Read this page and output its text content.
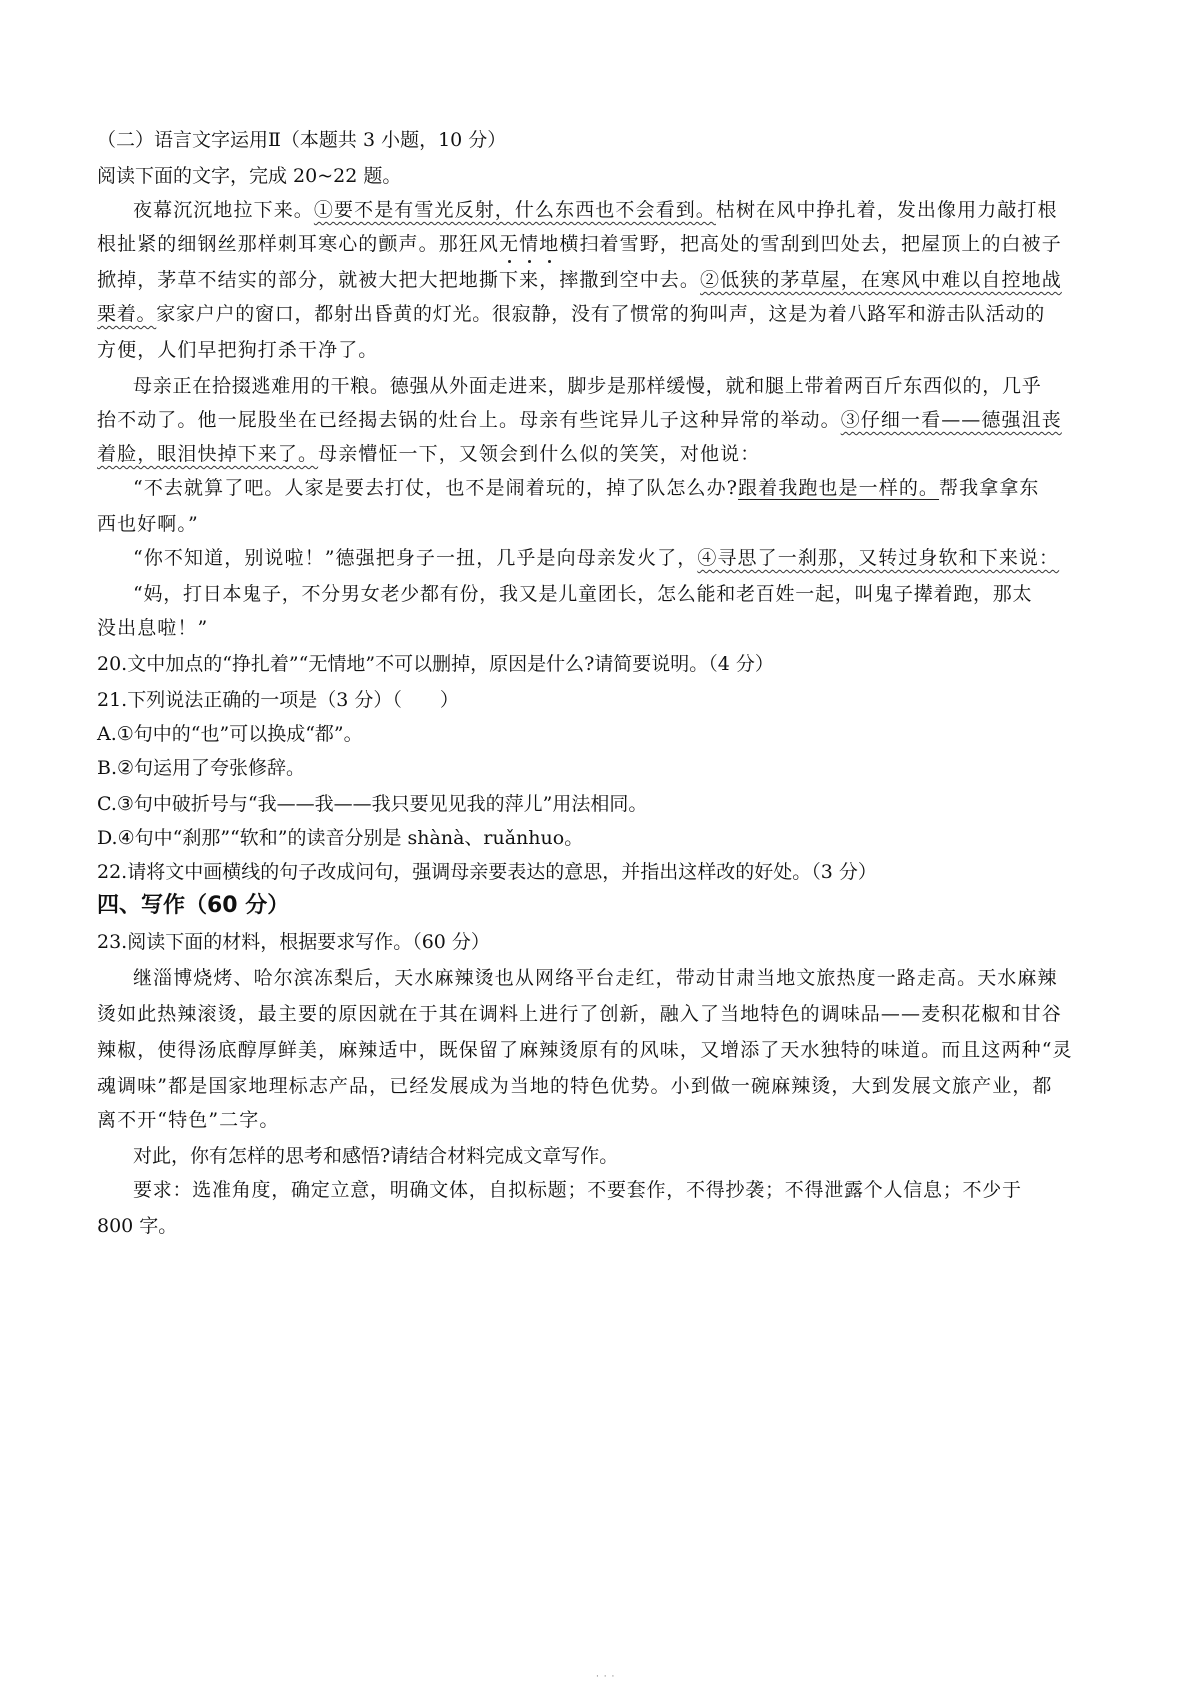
（二）语言文字运用Ⅱ（本题共 3 小题，10 分）
阅读下面的文字，完成 20~22 题。
夜幕沉沉地拉下来。①要不是有雪光反射，什么东西也不会看到。枯树在风中挣扎着，发出像用力敲打根
根扯紧的细钢丝那样刺耳寒心的颤声。那狂风无情地横扫着雪野，把高处的雪刮到凹处去，把屋顶上的白被子
掀掉，茅草不结实的部分，就被大把大把地撕下来，摔撒到空中去。②低狭的茅草屋，在寒风中难以自控地战
栗着。家家户户的窗口，都射出昏黄的灯光。很寂静，没有了惯常的狗叫声，这是为着八路军和游击队活动的
方便，人们早把狗打杀干净了。
母亲正在拾掇逃难用的干粮。德强从外面走进来，脚步是那样缓慢，就和腿上带着两百斤东西似的，几乎
抬不动了。他一屁股坐在已经揭去锅的灶台上。母亲有些诧异儿子这种异常的举动。③仔细一看——德强沮丧
着脸，眼泪快掉下来了。母亲懵怔一下，又领会到什么似的笑笑，对他说：
“不去就算了吧。人家是要去打仗，也不是闹着玩的，掉了队怎么办?跟着我跑也是一样的。帮我拿拿东
西也好啊。”
“你不知道，别说啦！”德强把身子一扭，几乎是向母亲发火了，④寻思了一刹那，又转过身软和下来说：
“妈，打日本鬼子，不分男女老少都有份，我又是儿童团长，怎么能和老百姓一起，叫鬼子撵着跑，那太
没出息啦！”
20.文中加点的“挣扎着”“无情地”不可以删掉，原因是什么?请简要说明。（4 分）
21.下列说法正确的一项是（3 分）（　　）
A.①句中的“也”可以换成“都”。
B.②句运用了夸张修辞。
C.③句中破折号与“我——我——我只要见见我的萍儿”用法相同。
D.④句中“刹那”“软和”的读音分别是 shànà、ruǎnhuo。
22.请将文中画横线的句子改成问句，强调母亲要表达的意思，并指出这样改的好处。（3 分）
四、写作（60 分）
23.阅读下面的材料，根据要求写作。（60 分）
继淄博烧烤、哈尔滨冻梨后，天水麻辣烫也从网络平台走红，带动甘肃当地文旅热度一路走高。天水麻辣
烫如此热辣滚烫，最主要的原因就在于其在调料上进行了创新，融入了当地特色的调味品——麦积花椒和甘谷
辣椒，使得汤底醇厚鲜美，麻辣适中，既保留了麻辣烫原有的风味，又增添了天水独特的味道。而且这两种“灵
魂调味”都是国家地理标志产品，已经发展成为当地的特色优势。小到做一碗麻辣烫，大到发展文旅产业，都
离不开“特色”二字。
对此，你有怎样的思考和感悟?请结合材料完成文章写作。
要求：选准角度，确定立意，明确文体，自拟标题；不要套作，不得抄袭；不得泄露个人信息；不少于
800 字。
· · ·
